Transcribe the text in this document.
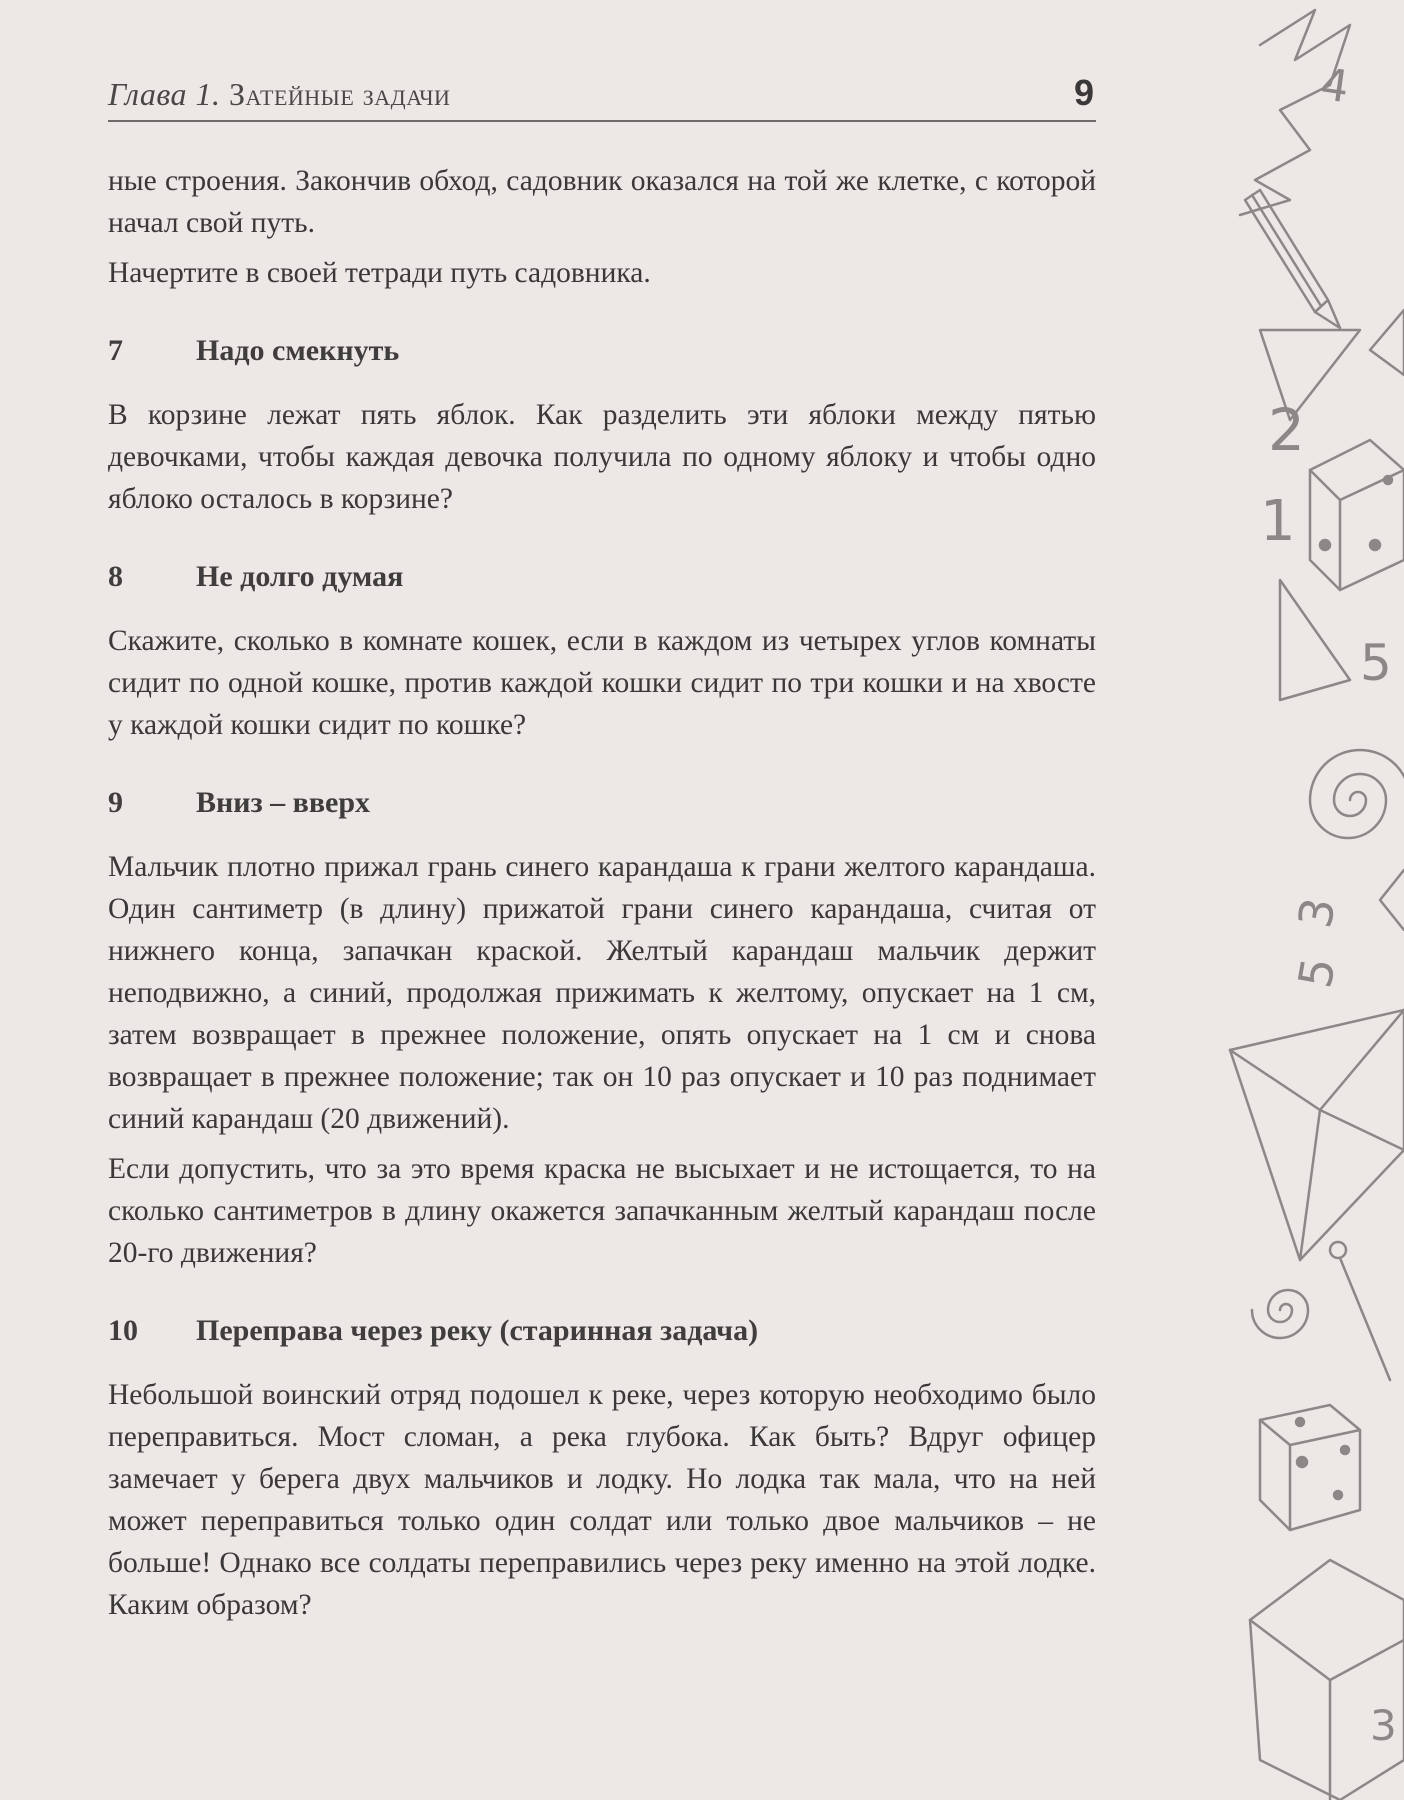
Глава 1. Затейные задачи	9

ные строения. Закончив обход, садовник оказался на той же клетке, с которой начал свой путь.

Начертите в своей тетради путь садовника.

7	Надо смекнуть

В корзине лежат пять яблок. Как разделить эти яблоки между пятью девочками, чтобы каждая девочка получила по одному яблоку и чтобы одно яблоко осталось в корзине?

8	Не долго думая

Скажите, сколько в комнате кошек, если в каждом из четырех углов комнаты сидит по одной кошке, против каждой кошки сидит по три кошки и на хвосте у каждой кошки сидит по кошке?

9	Вниз – вверх

Мальчик плотно прижал грань синего карандаша к грани желтого карандаша. Один сантиметр (в длину) прижатой грани синего карандаша, считая от нижнего конца, запачкан краской. Желтый карандаш мальчик держит неподвижно, а синий, продолжая прижимать к желтому, опускает на 1 см, затем возвращает в прежнее положение, опять опускает на 1 см и снова возвращает в прежнее положение; так он 10 раз опускает и 10 раз поднимает синий карандаш (20 движений).

Если допустить, что за это время краска не высыхает и не истощается, то на сколько сантиметров в длину окажется запачканным желтый карандаш после 20-го движения?

10	Переправа через реку (старинная задача)

Небольшой воинский отряд подошел к реке, через которую необходимо было переправиться. Мост сломан, а река глубока. Как быть? Вдруг офицер замечает у берега двух мальчиков и лодку. Но лодка так мала, что на ней может переправиться только один солдат или только двое мальчиков – не больше! Однако все солдаты переправились через реку именно на этой лодке. Каким образом?

4
2
1
5
3
5
3
